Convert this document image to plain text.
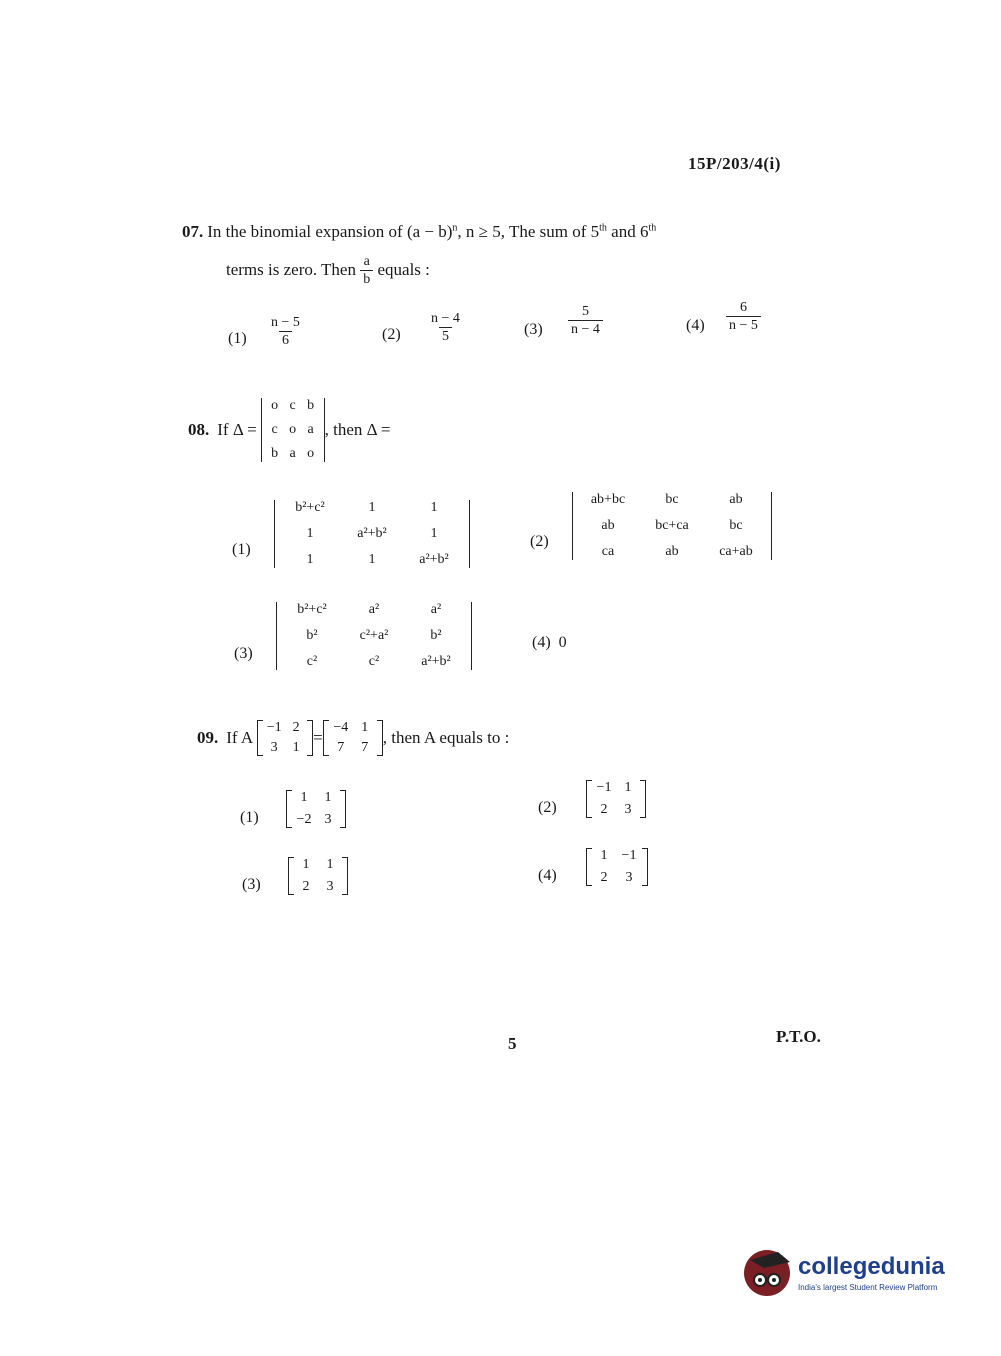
15P/203/4(i)
07. In the binomial expansion of $(a - b)^n$, n ≥ 5, The sum of 5th and 6th
terms is zero. Then $\frac{a}{b}$ equals :
$(1) \frac{n - 5}{6}$	$(2) \frac{n - 4}{5}$	$(3) \frac{5}{n - 4}$	$(4) \frac{6}{n - 5}$
08. If Δ =
o c b
c o a
b a o
, then Δ =
(1)
b²+c²	1	1
1	a²+b²	1
1	1	a²+b²
(2)
ab+bc	bc	ab
ab	bc+ca	bc
ca	ab	ca+ab
(3)
b²+c²	a²	a²
b²	c²+a²	b²
c²	c²	a²+b²
(4) 0
09. If A
−1 2
3 1
=
−4 1
7 7
, then A equals to :
(1)
1 1
−2 3
(2)
−1 1
2 3
(3)
1 1
2 3
(4)
1 −1
2 3
5	P.T.O.
collegedunia
India's largest Student Review Platform
